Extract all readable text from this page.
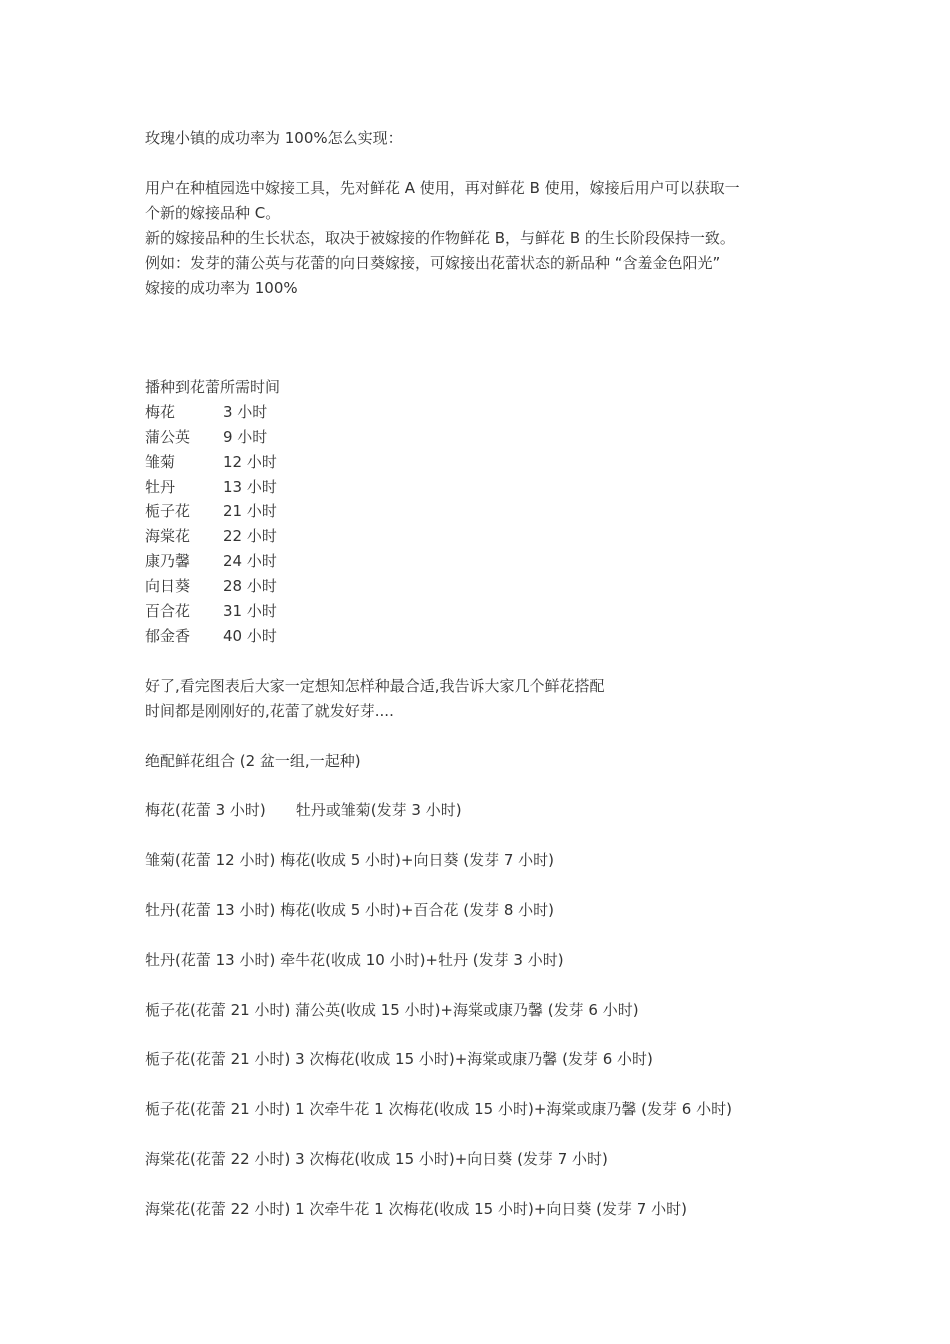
玫瑰小镇的成功率为 100%怎么实现：
用户在种植园选中嫁接工具，先对鲜花 A 使用，再对鲜花 B 使用，嫁接后用户可以获取一
个新的嫁接品种 C。
新的嫁接品种的生长状态，取决于被嫁接的作物鲜花 B，与鲜花 B 的生长阶段保持一致。
例如：发芽的蒲公英与花蕾的向日葵嫁接，可嫁接出花蕾状态的新品种 “含羞金色阳光”
嫁接的成功率为 100%
播种到花蕾所需时间
梅花	3 小时
蒲公英 9 小时
雏菊	12 小时
牡丹	13 小时
栀子花 21 小时
海棠花 22 小时
康乃馨 24 小时
向日葵 28 小时
百合花 31 小时
郁金香 40 小时
好了,看完图表后大家一定想知怎样种最合适,我告诉大家几个鲜花搭配
时间都是刚刚好的,花蕾了就发好芽....
绝配鲜花组合 (2 盆一组,一起种)
梅花(花蕾 3 小时)　　牡丹或雏菊(发芽 3 小时)
雏菊(花蕾 12 小时) 梅花(收成 5 小时)+向日葵 (发芽 7 小时)
牡丹(花蕾 13 小时) 梅花(收成 5 小时)+百合花 (发芽 8 小时)
牡丹(花蕾 13 小时) 牵牛花(收成 10 小时)+牡丹 (发芽 3 小时)
栀子花(花蕾 21 小时) 蒲公英(收成 15 小时)+海棠或康乃馨 (发芽 6 小时)
栀子花(花蕾 21 小时) 3 次梅花(收成 15 小时)+海棠或康乃馨 (发芽 6 小时)
栀子花(花蕾 21 小时) 1 次牵牛花 1 次梅花(收成 15 小时)+海棠或康乃馨 (发芽 6 小时)
海棠花(花蕾 22 小时) 3 次梅花(收成 15 小时)+向日葵 (发芽 7 小时)
海棠花(花蕾 22 小时) 1 次牵牛花 1 次梅花(收成 15 小时)+向日葵 (发芽 7 小时)
